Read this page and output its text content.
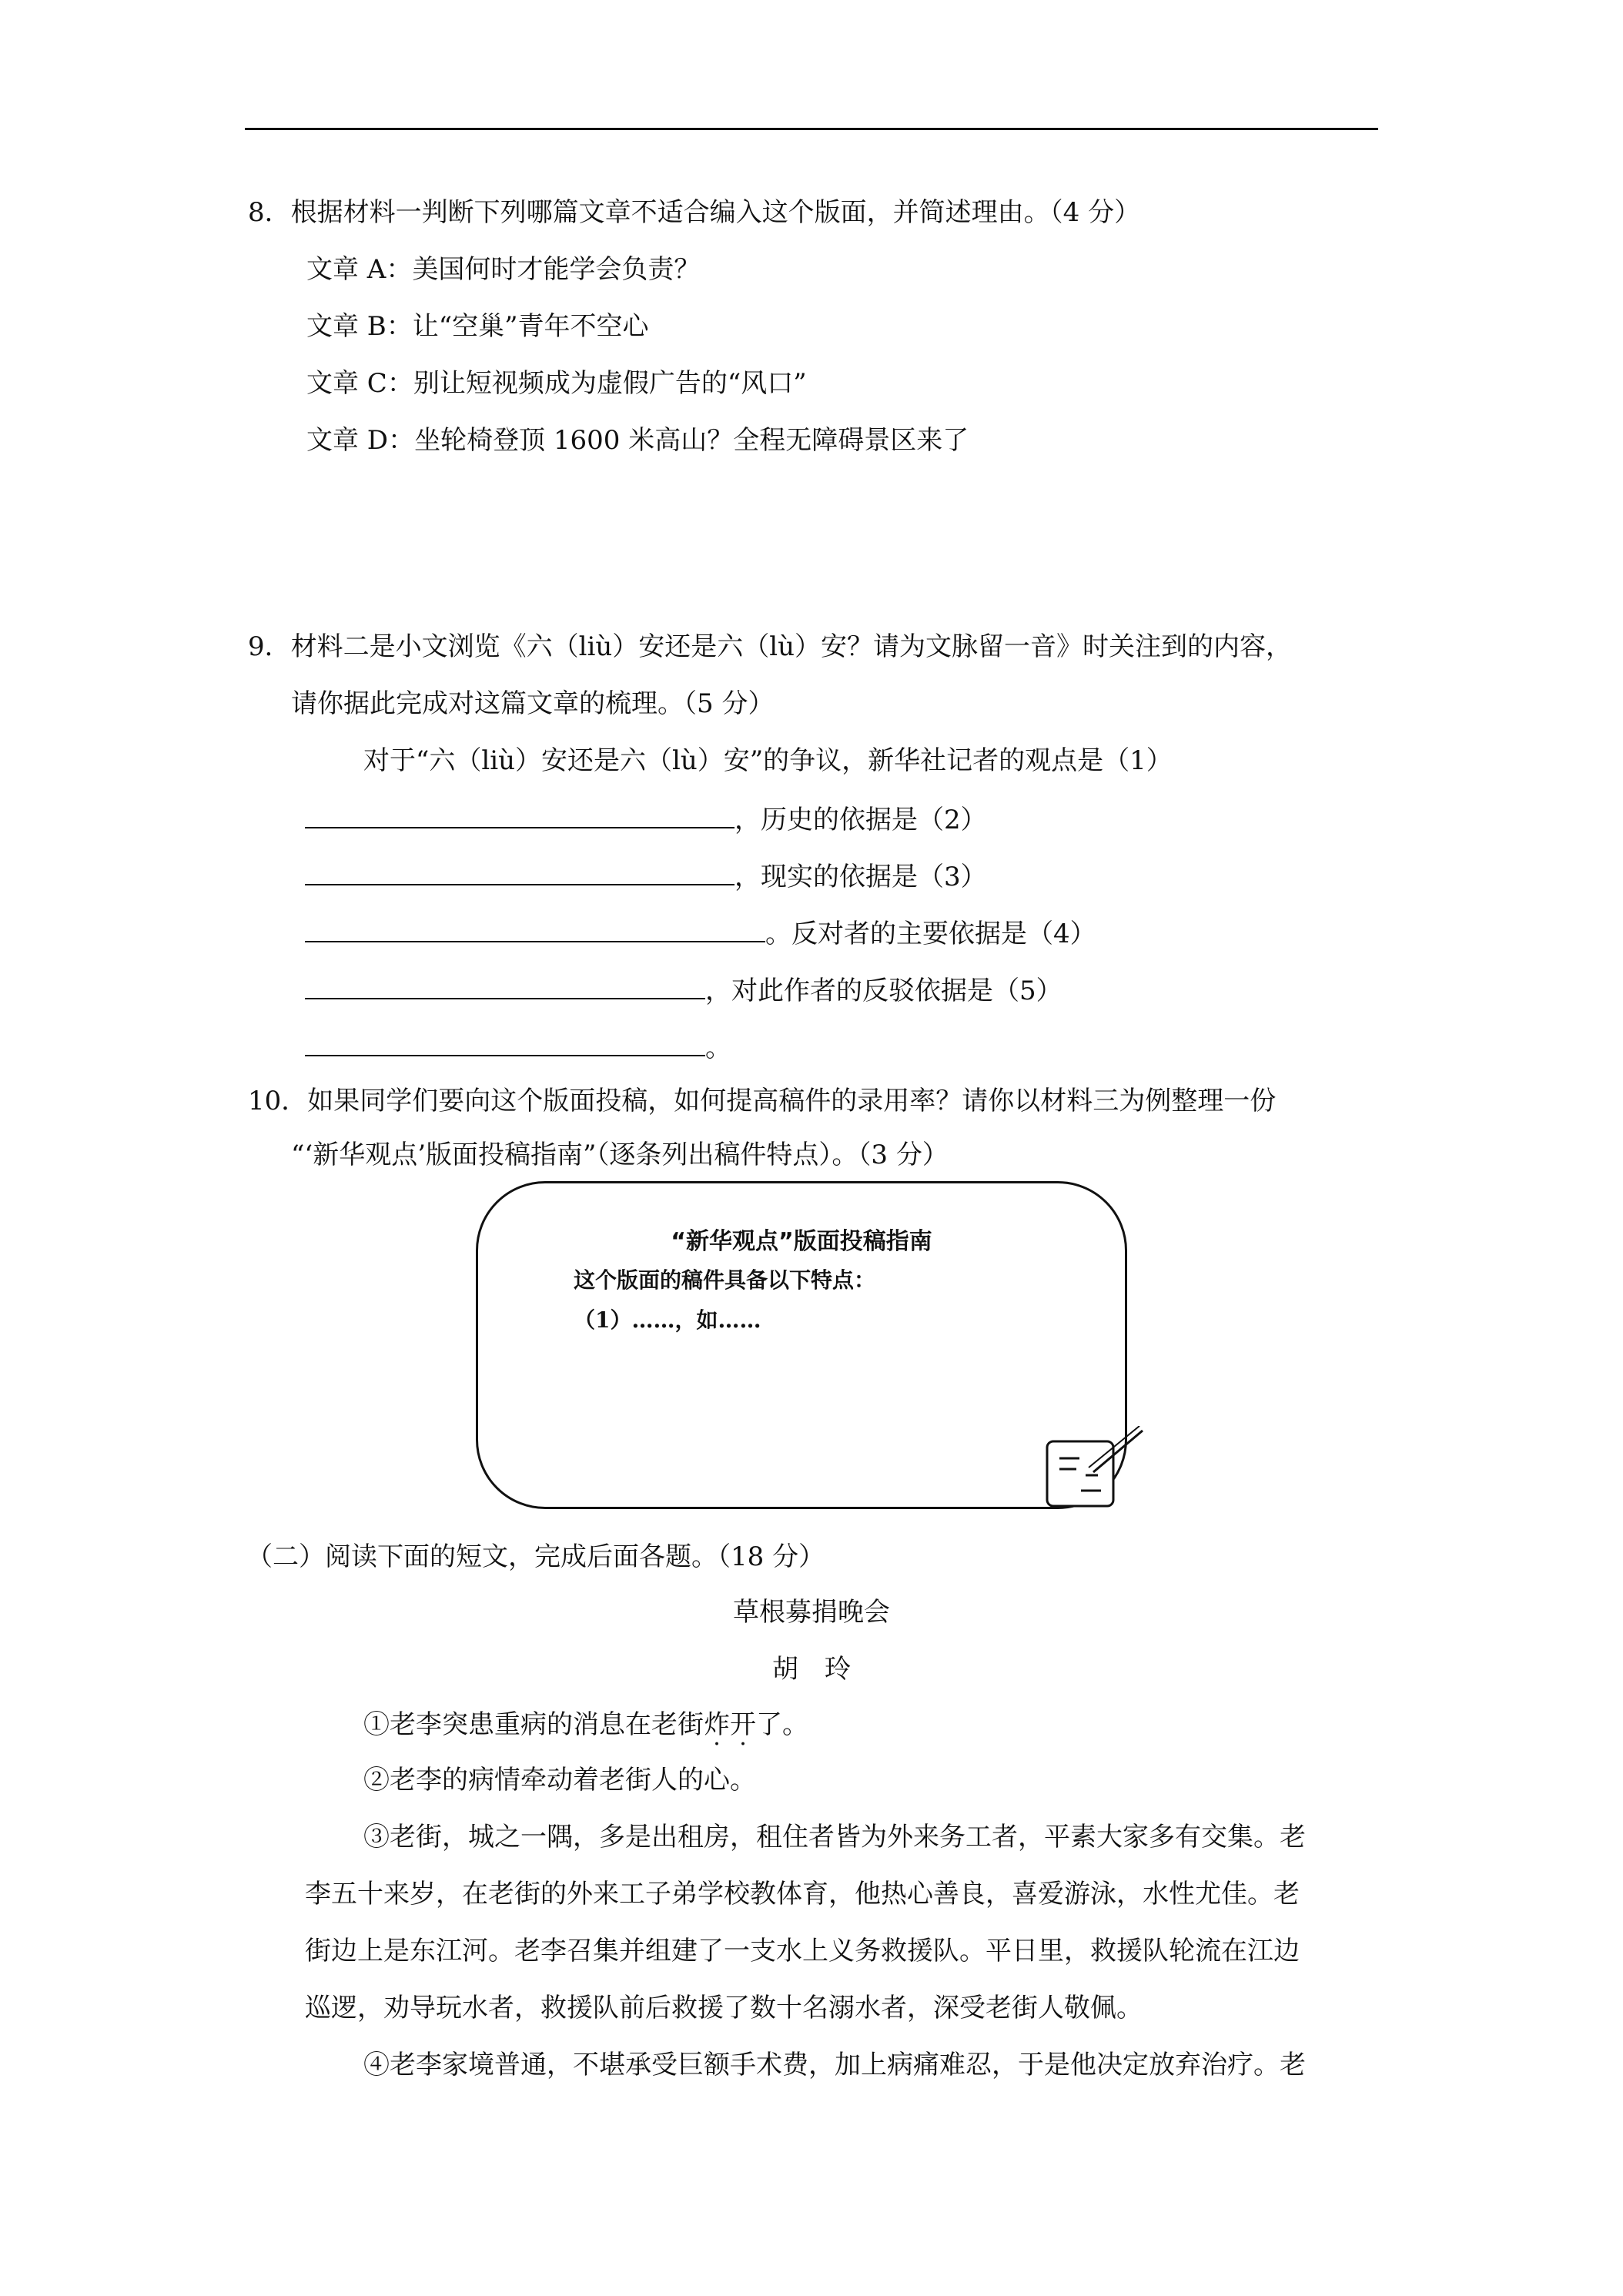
8．根据材料一判断下列哪篇文章不适合编入这个版面，并简述理由。（4 分）
文章 A：美国何时才能学会负责？
文章 B：让“空巢”青年不空心
文章 C：别让短视频成为虚假广告的“风口”
文章 D：坐轮椅登顶 1600 米高山？全程无障碍景区来了
9．材料二是小文浏览《六（liù）安还是六（lù）安？请为文脉留一音》时关注到的内容，
请你据此完成对这篇文章的梳理。（5 分）
对于“六（liù）安还是六（lù）安”的争议，新华社记者的观点是（1）
，历史的依据是（2）
，现实的依据是（3）
。反对者的主要依据是（4）
，对此作者的反驳依据是（5）
。
10．如果同学们要向这个版面投稿，如何提高稿件的录用率？请你以材料三为例整理一份
“‘新华观点’版面投稿指南”（逐条列出稿件特点）。（3 分）
“新华观点”版面投稿指南
这个版面的稿件具备以下特点：
（1）……，如……
（二）阅读下面的短文，完成后面各题。（18 分）
草根募捐晚会
胡　玲
①老李突患重病的消息在老街炸开了。
②老李的病情牵动着老街人的心。
③老街，城之一隅，多是出租房，租住者皆为外来务工者，平素大家多有交集。老
李五十来岁，在老街的外来工子弟学校教体育，他热心善良，喜爱游泳，水性尤佳。老
街边上是东江河。老李召集并组建了一支水上义务救援队。平日里，救援队轮流在江边
巡逻，劝导玩水者，救援队前后救援了数十名溺水者，深受老街人敬佩。
④老李家境普通，不堪承受巨额手术费，加上病痛难忍，于是他决定放弃治疗。老
